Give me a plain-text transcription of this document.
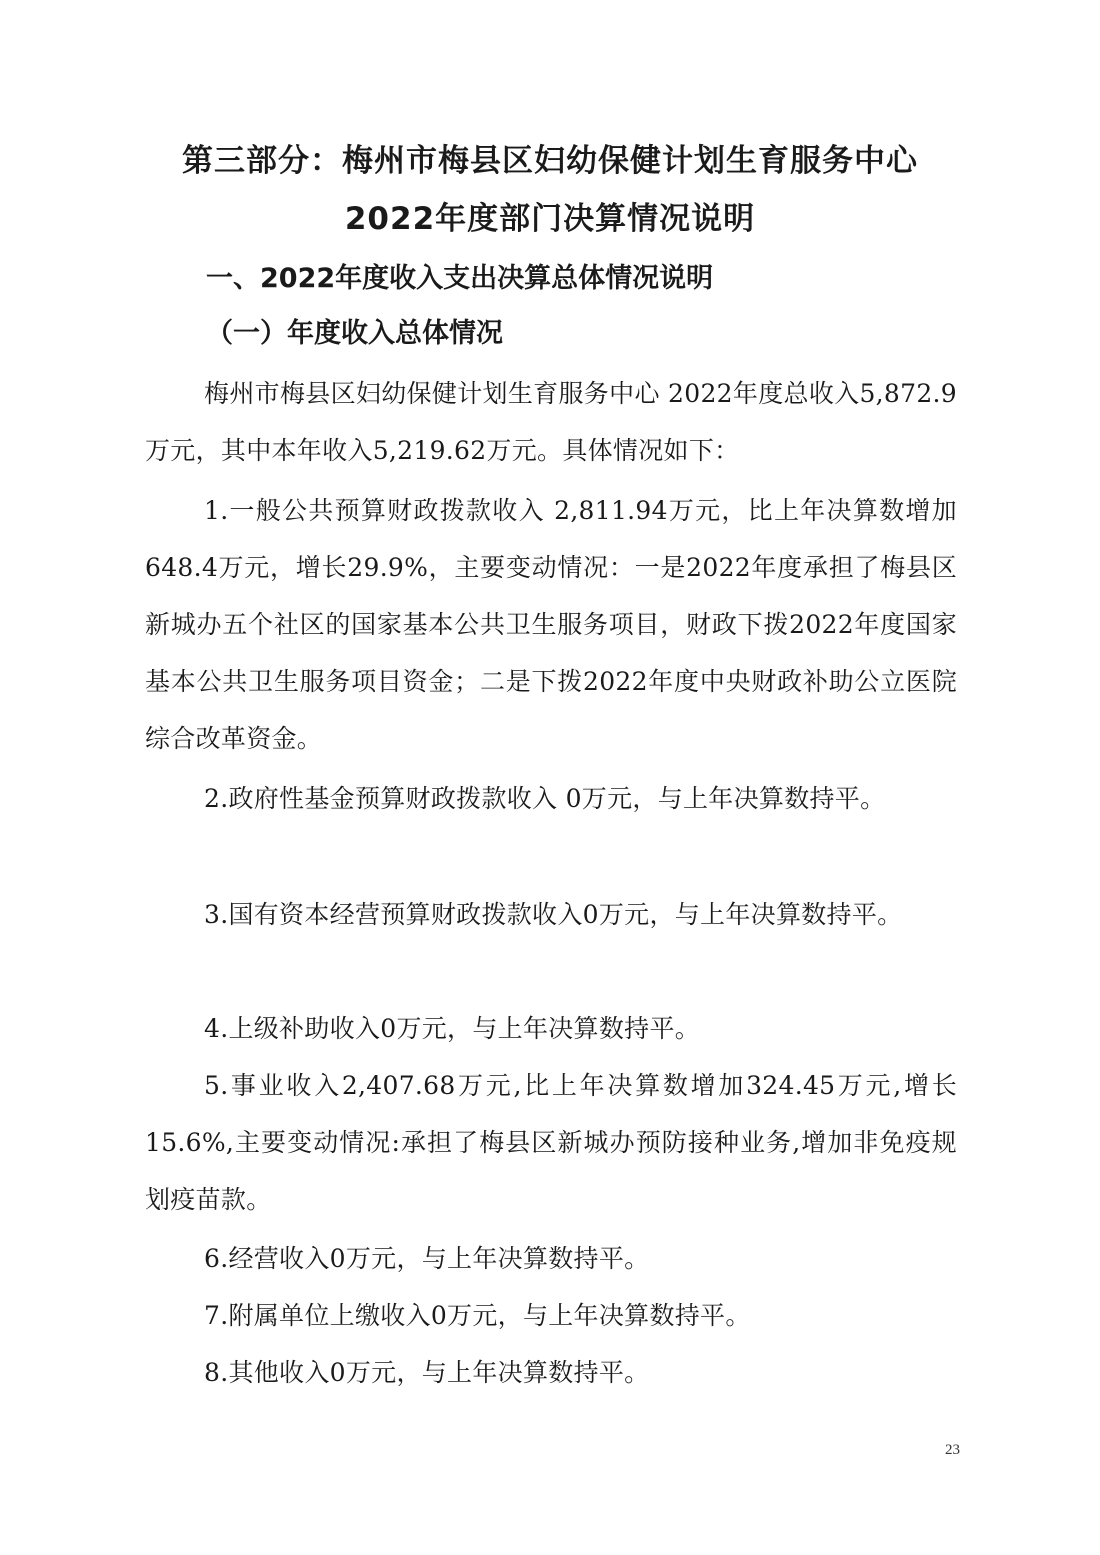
第三部分：梅州市梅县区妇幼保健计划生育服务中心
2022年度部门决算情况说明
一、2022年度收入支出决算总体情况说明
（一）年度收入总体情况
梅州市梅县区妇幼保健计划生育服务中心 2022年度总收入5,872.9万元，其中本年收入5,219.62万元。具体情况如下：
1.一般公共预算财政拨款收入 2,811.94万元，比上年决算数增加648.4万元，增长29.9%，主要变动情况：一是2022年度承担了梅县区新城办五个社区的国家基本公共卫生服务项目，财政下拨2022年度国家基本公共卫生服务项目资金；二是下拨2022年度中央财政补助公立医院综合改革资金。
2.政府性基金预算财政拨款收入 0万元，与上年决算数持平。
3.国有资本经营预算财政拨款收入0万元，与上年决算数持平。
4.上级补助收入0万元，与上年决算数持平。
5.事业收入2,407.68万元,比上年决算数增加324.45万元,增长15.6%,主要变动情况:承担了梅县区新城办预防接种业务,增加非免疫规划疫苗款。
6.经营收入0万元，与上年决算数持平。
7.附属单位上缴收入0万元，与上年决算数持平。
8.其他收入0万元，与上年决算数持平。
23
